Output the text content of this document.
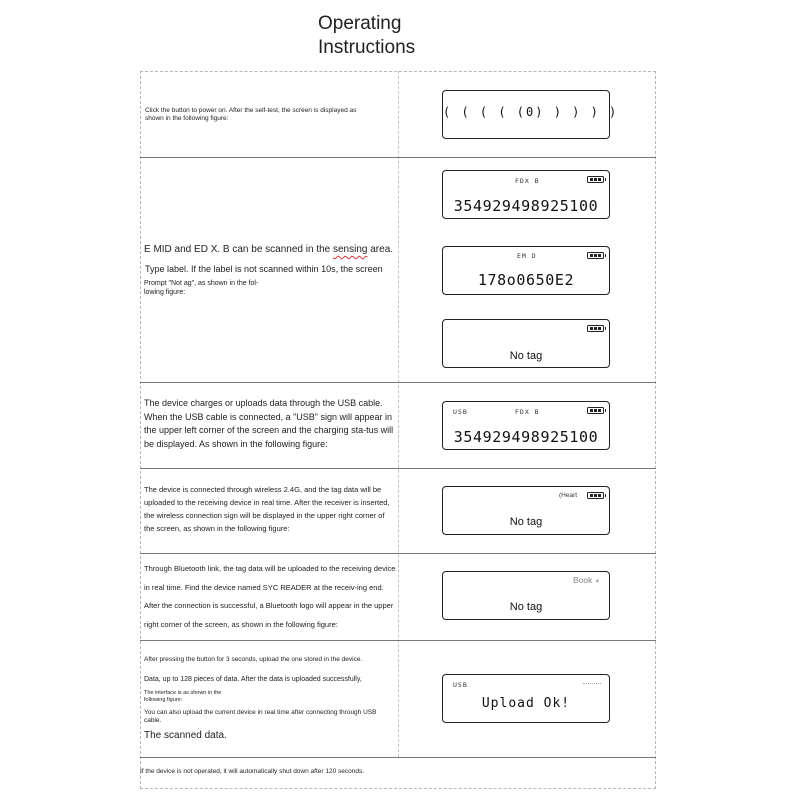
Operating Instructions
Click the button to power on. After the self-test, the screen is displayed as shown in the following figure:	( ( ( ( (0) ) ) ) )
E MID and ED X. B can be scanned in the sensing area.
Type label. If the label is not scanned within 10s, the screen
Prompt "Not ag", as shown in the fol-lowing figure:
FDX B
354929498925100
EM D
178o0650E2
No tag
The device charges or uploads data through the USB cable. When the USB cable is connected, a "USB" sign will appear in the upper left corner of the screen and the charging sta-tus will be displayed. As shown in the following figure:
USB	FDX B
354929498925100
The device is connected through wireless 2.4G, and the tag data will be uploaded to the receiving device in real time. After the receiver is inserted, the wireless connection sign will be displayed in the upper right corner of the screen, as shown in the following figure:
(Heart
No tag
Through Bluetooth link, the tag data will be uploaded to the receiving device in real time. Find the device named SYC READER at the receiv-ing end. After the connection is successful, a Bluetooth logo will appear in the upper right corner of the screen, as shown in the following figure:
Book ✶
No tag
After pressing the button for 3 seconds, upload the one stored in the device.
Data, up to 128 pieces of data. After the data is uploaded successfully,
The interface is as shown in the following figure:
You can also upload the current device in real time after connecting through USB cable.
The scanned data.
USB
Upload Ok!
If the device is not operated, it will automatically shut down after 120 seconds.
